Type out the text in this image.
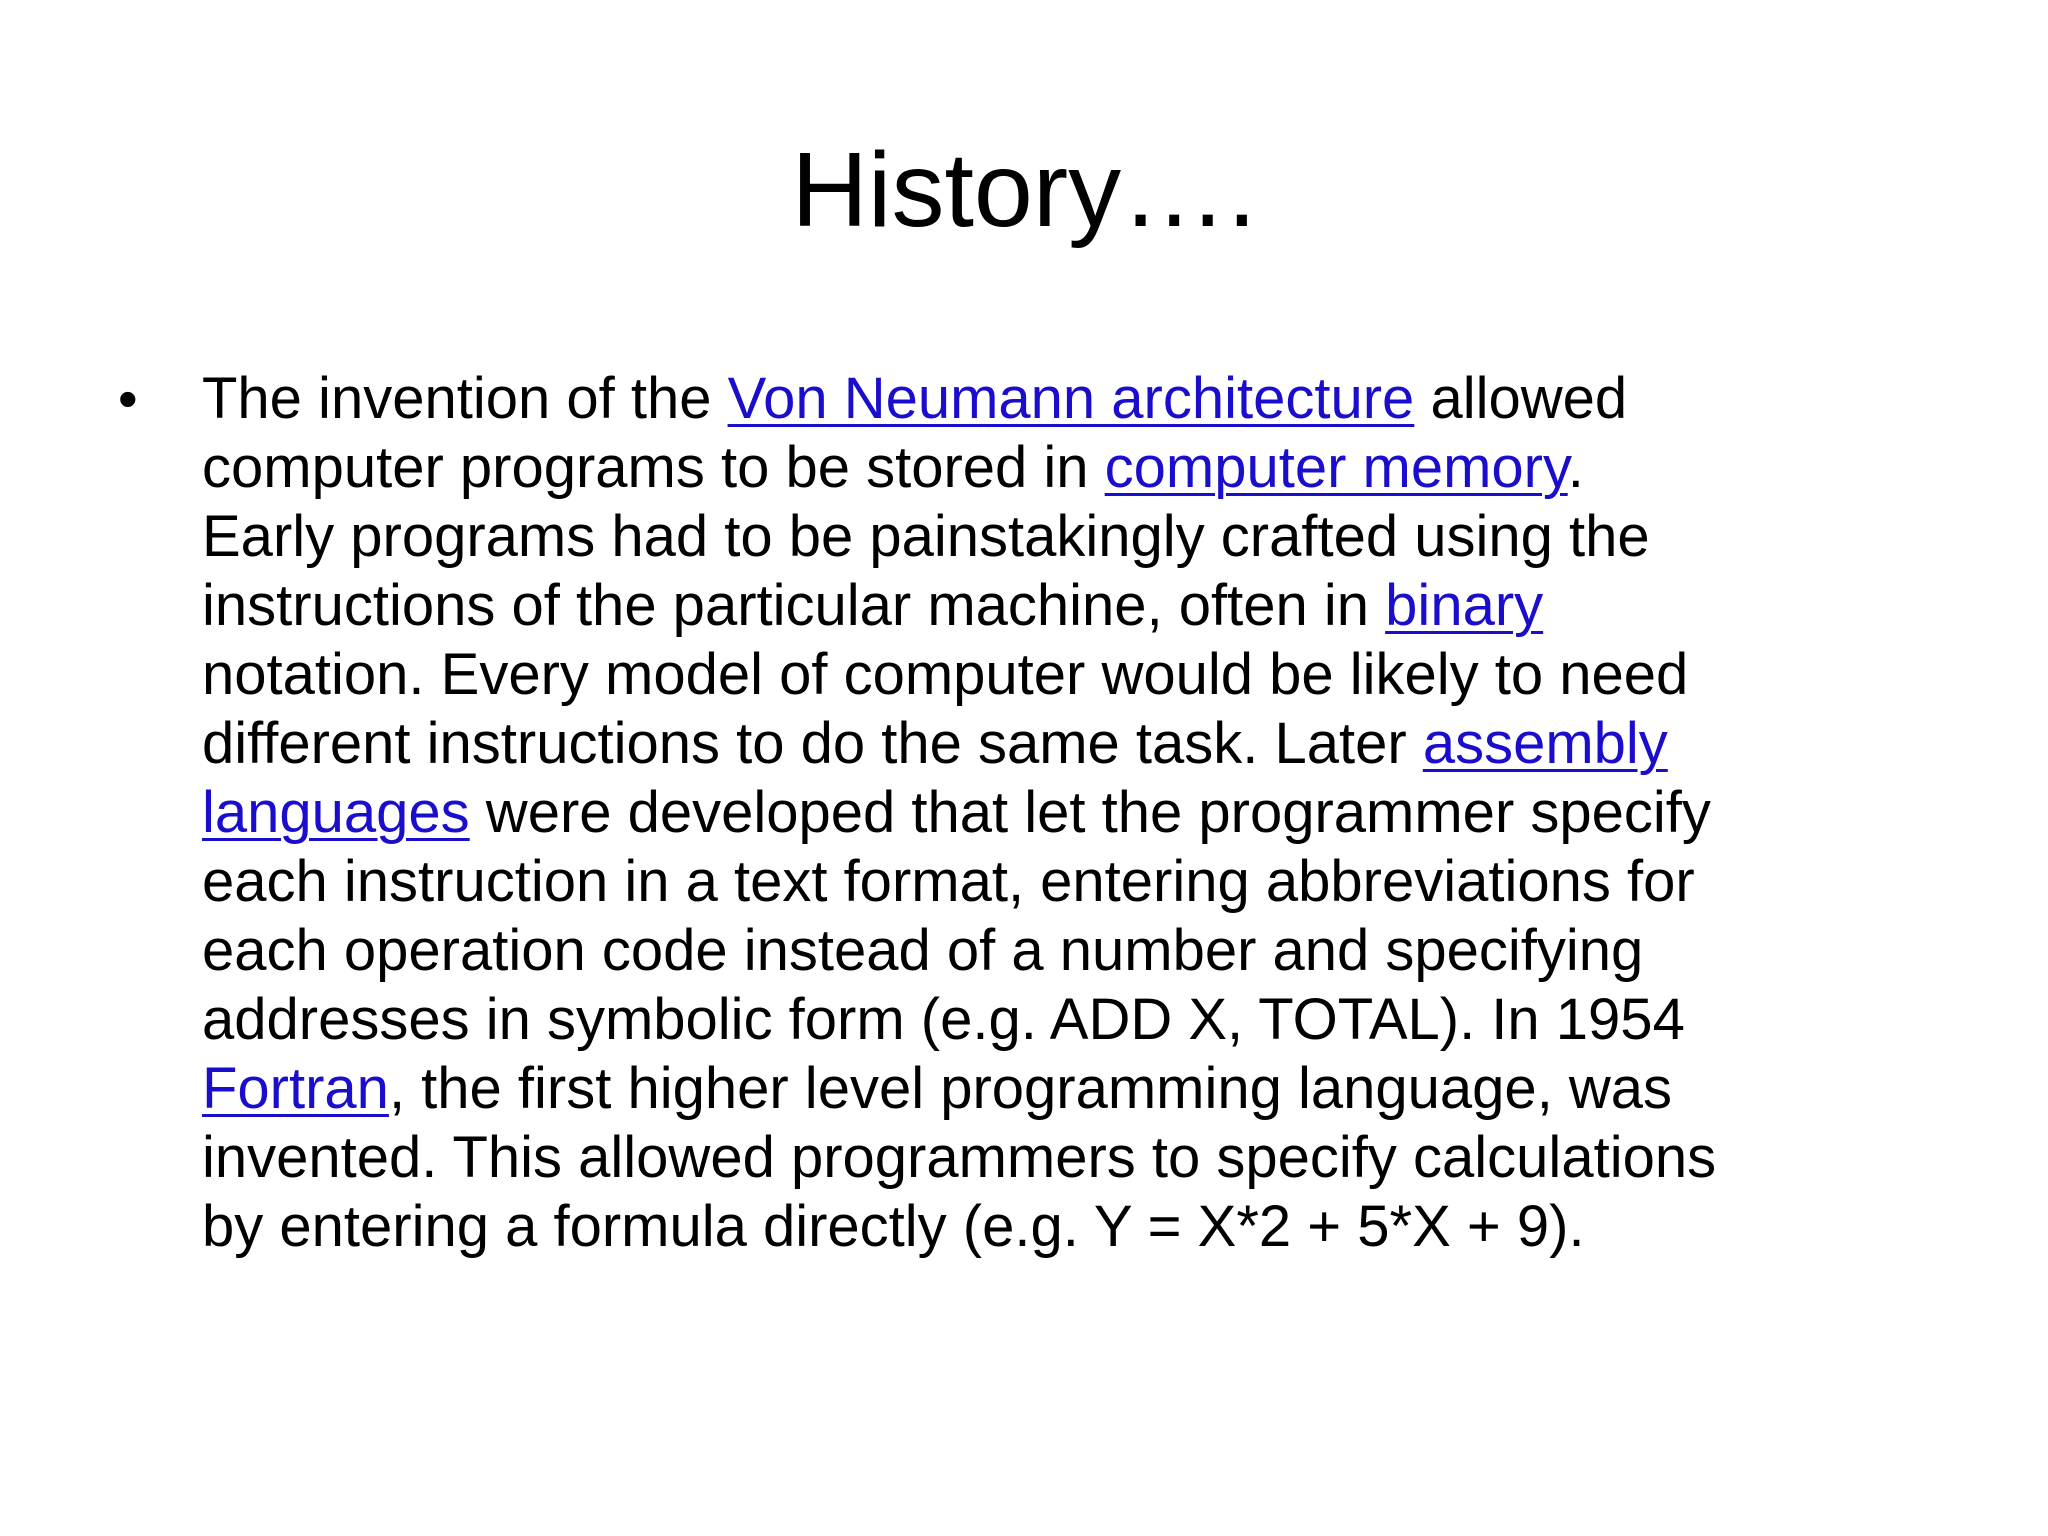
History….
• The invention of the Von Neumann architecture allowed
computer programs to be stored in computer memory.
Early programs had to be painstakingly crafted using the
instructions of the particular machine, often in binary
notation. Every model of computer would be likely to need
different instructions to do the same task. Later assembly
languages were developed that let the programmer specify
each instruction in a text format, entering abbreviations for
each operation code instead of a number and specifying
addresses in symbolic form (e.g. ADD X, TOTAL). In 1954
Fortran, the first higher level programming language, was
invented. This allowed programmers to specify calculations
by entering a formula directly (e.g. Y = X*2 + 5*X + 9).
